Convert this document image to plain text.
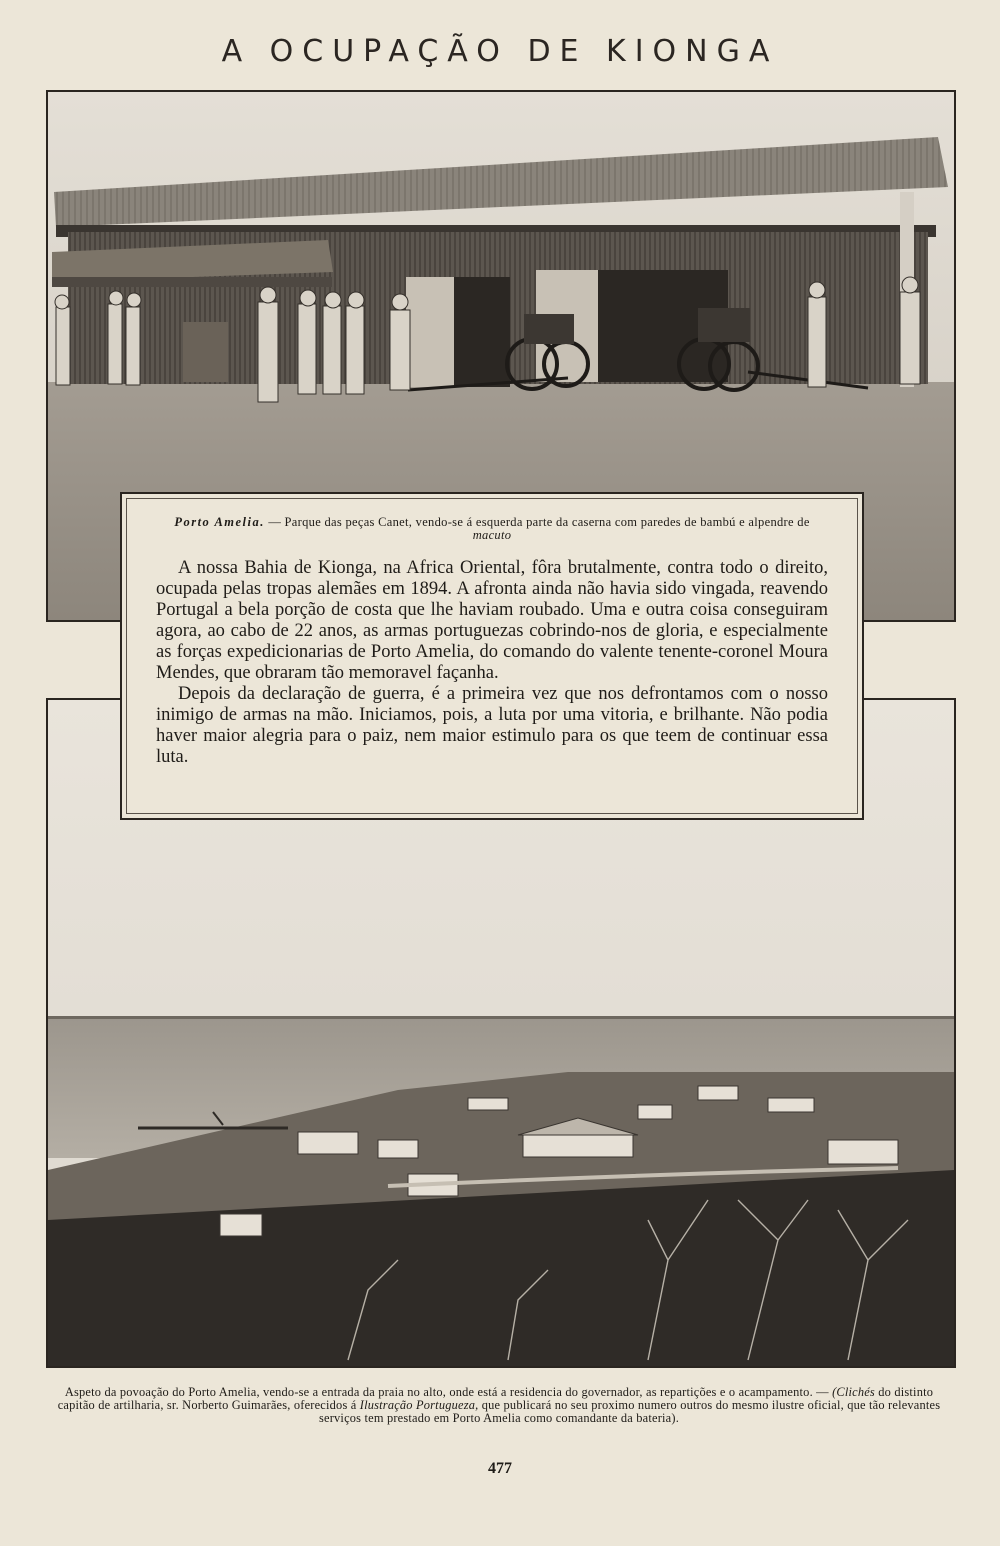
A OCUPAÇÃO DE KIONGA
Porto Amelia. — Parque das peças Canet, vendo-se á esquerda parte da caserna com paredes de bambú e alpendre de macuto

A nossa Bahia de Kionga, na Africa Oriental, fôra brutalmente, contra todo o direito, ocupada pelas tropas alemães em 1894. A afronta ainda não havia sido vingada, reavendo Portugal a bela porção de costa que lhe haviam roubado. Uma e outra coisa conseguiram agora, ao cabo de 22 anos, as armas portuguezas cobrindo-nos de gloria, e especialmente as forças expedicionarias de Porto Amelia, do comando do valente tenente-coronel Moura Mendes, que obraram tão memoravel façanha.

Depois da declaração de guerra, é a primeira vez que nos defrontamos com o nosso inimigo de armas na mão. Iniciamos, pois, a luta por uma vitoria, e brilhante. Não podia haver maior alegria para o paiz, nem maior estimulo para os que teem de continuar essa luta.

Aspeto da povoação do Porto Amelia, vendo-se a entrada da praia no alto, onde está a residencia do governador, as repartições e o acampamento. — (Clichés do distinto capitão de artilharia, sr. Norberto Guimarães, oferecidos á Ilustração Portugueza, que publicará no seu proximo numero outros do mesmo ilustre oficial, que tão relevantes serviços tem prestado em Porto Amelia como comandante da bateria).
477
